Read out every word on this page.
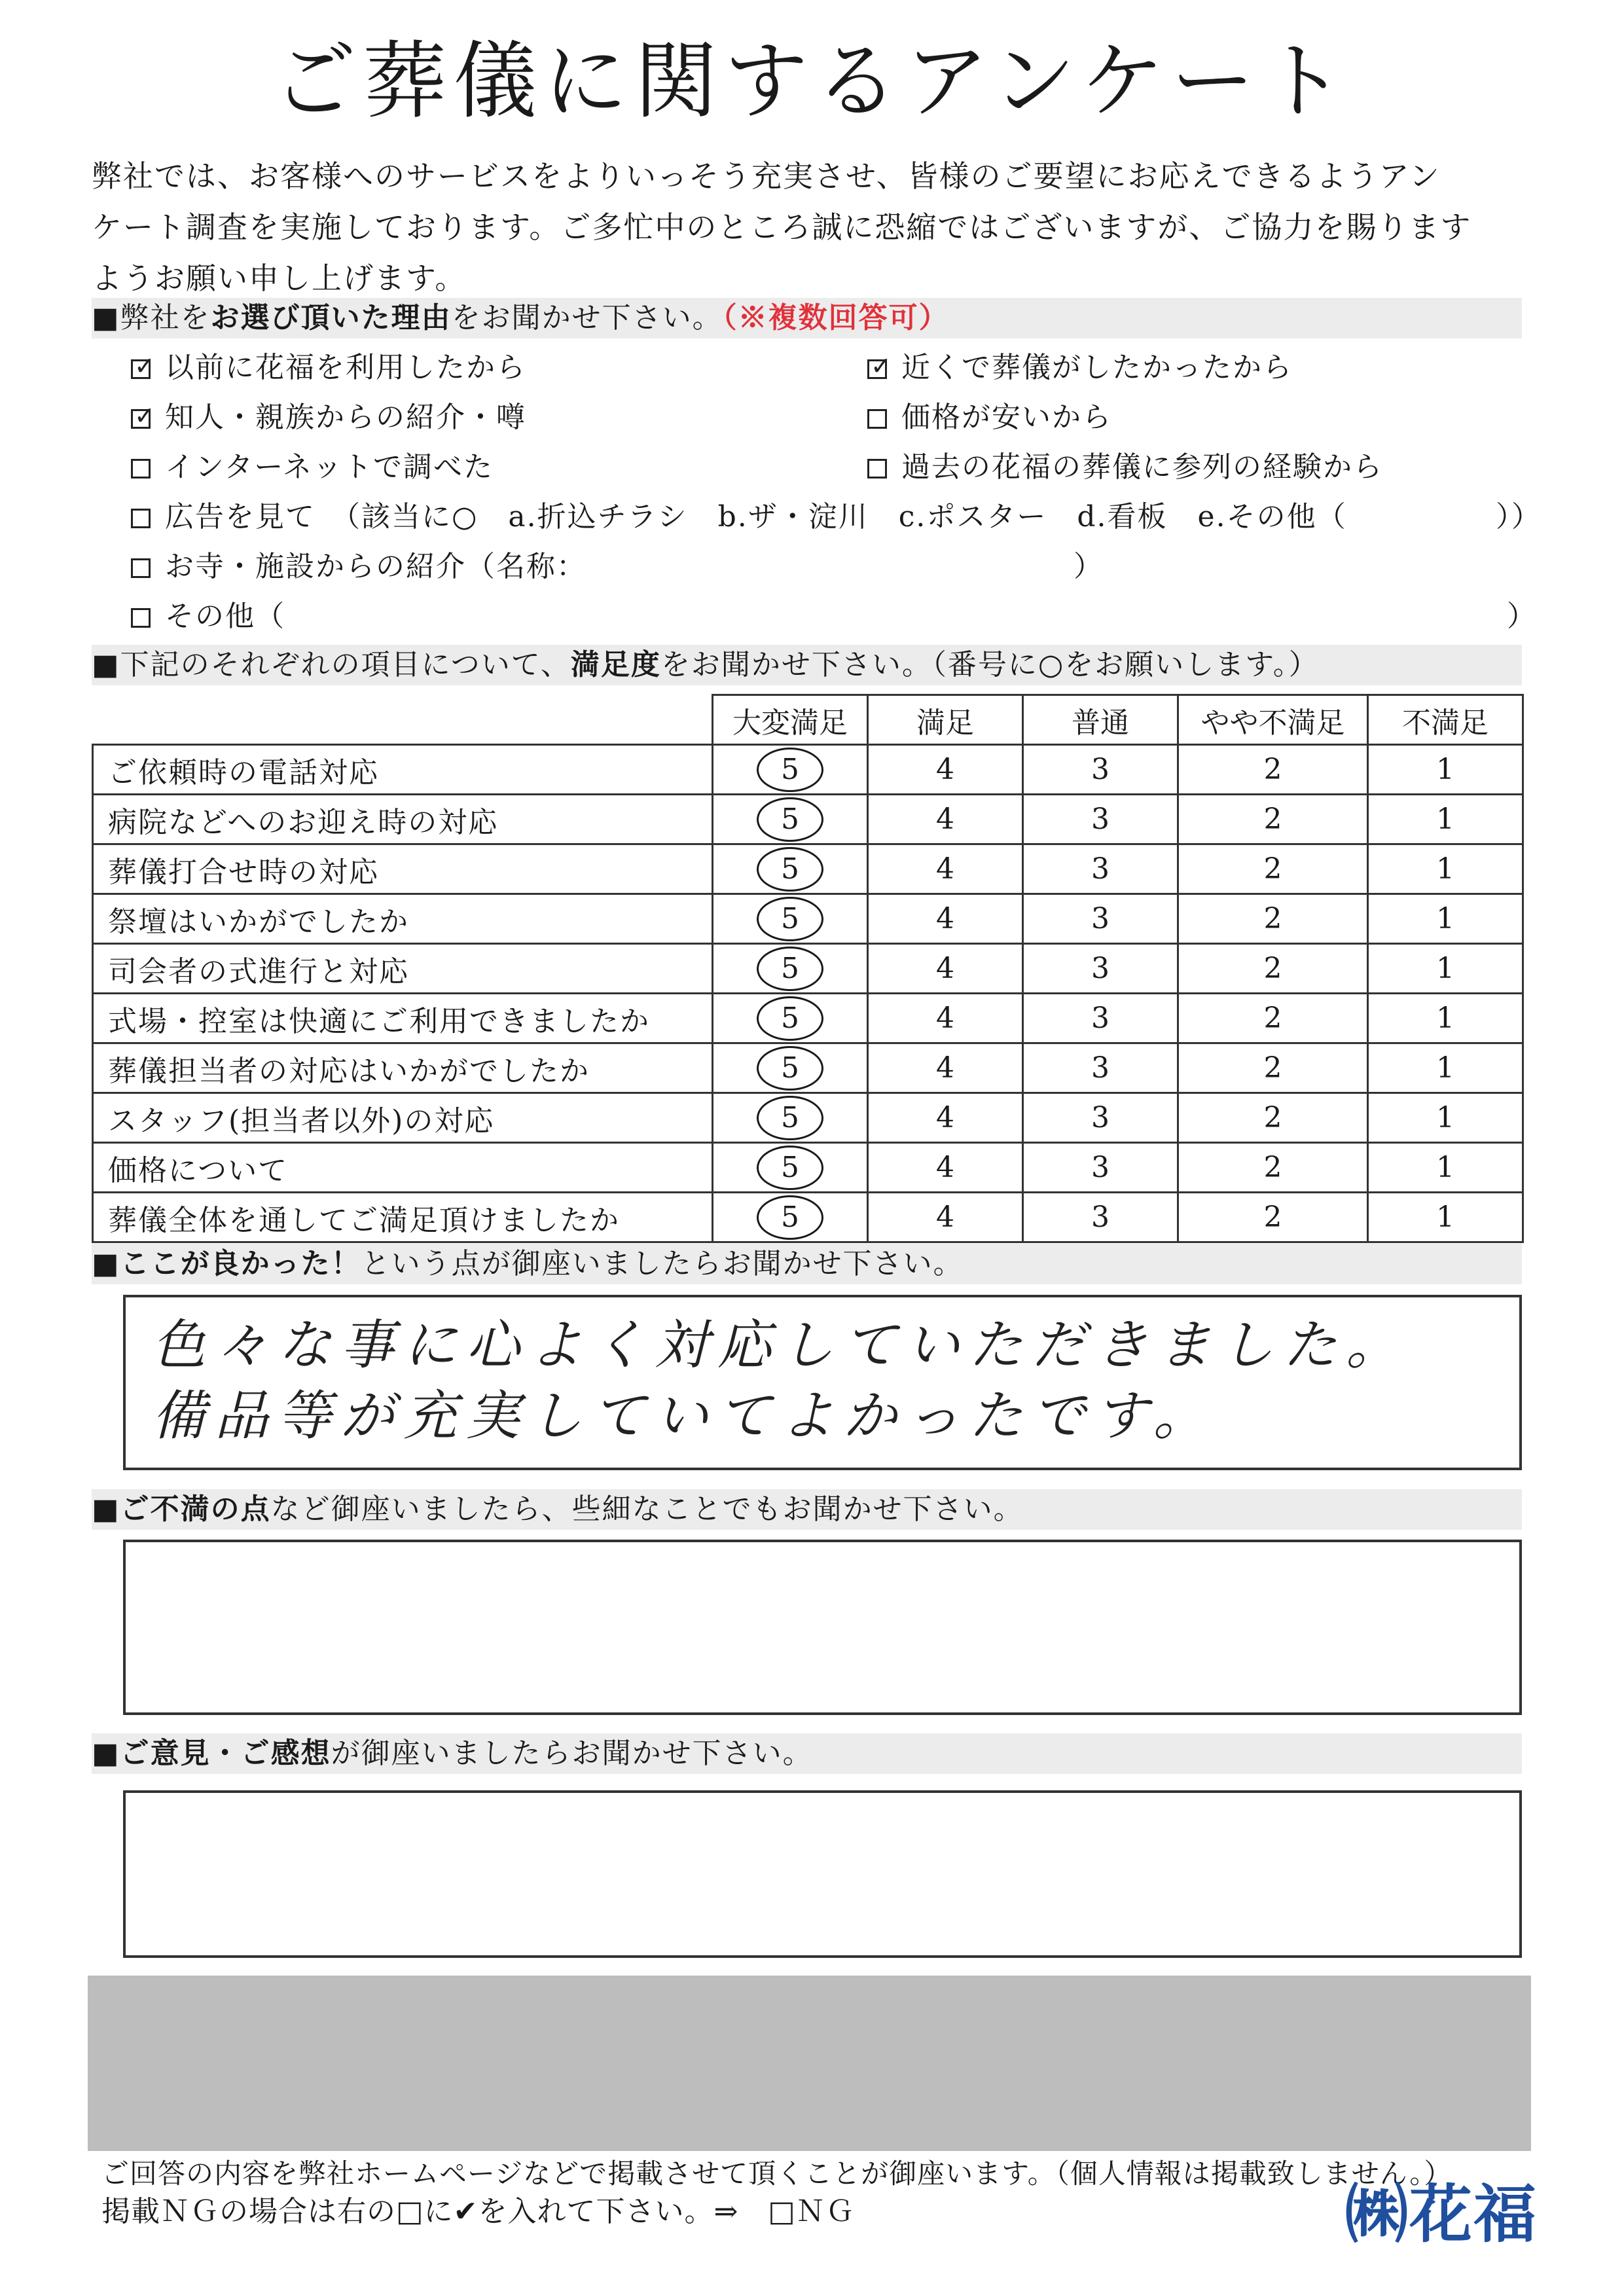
ご葬儀に関するアンケート
弊社では、お客様へのサービスをよりいっそう充実させ、皆様のご要望にお応えできるようアン
ケート調査を実施しております。ご多忙中のところ誠に恐縮ではございますが、ご協力を賜ります
ようお願い申し上げます。
■弊社をお選び頂いた理由をお聞かせ下さい。（※複数回答可）
✓ 以前に花福を利用したから	✓ 近くで葬儀がしたかったから
✓ 知人・親族からの紹介・噂	価格が安いから
インターネットで調べた	過去の花福の葬儀に参列の経験から
広告を見て　（該当に○　a.折込チラシ　b.ザ・淀川　c.ポスター　d.看板　e.その他（	））
お寺・施設からの紹介（名称：	）
その他（	）
■下記のそれぞれの項目について、満足度をお聞かせ下さい。（番号に○をお願いします。）
	大変満足	満足	普通	やや不満足	不満足
ご依頼時の電話対応	5	4	3	2	1
病院などへのお迎え時の対応	5	4	3	2	1
葬儀打合せ時の対応	5	4	3	2	1
祭壇はいかがでしたか	5	4	3	2	1
司会者の式進行と対応	5	4	3	2	1
式場・控室は快適にご利用できましたか	5	4	3	2	1
葬儀担当者の対応はいかがでしたか	5	4	3	2	1
スタッフ(担当者以外)の対応	5	4	3	2	1
価格について	5	4	3	2	1
葬儀全体を通してご満足頂けましたか	5	4	3	2	1
■ここが良かった！という点が御座いましたらお聞かせ下さい。
色々な事に心よく対応していただきました。
備品等が充実していてよかったです。
■ご不満の点など御座いましたら、些細なことでもお聞かせ下さい。
■ご意見・ご感想が御座いましたらお聞かせ下さい。
ご回答の内容を弊社ホームページなどで掲載させて頂くことが御座います。（個人情報は掲載致しません。）
掲載ＮＧの場合は右の□に✔を入れて下さい。⇒　□ＮＧ	㈱花福
